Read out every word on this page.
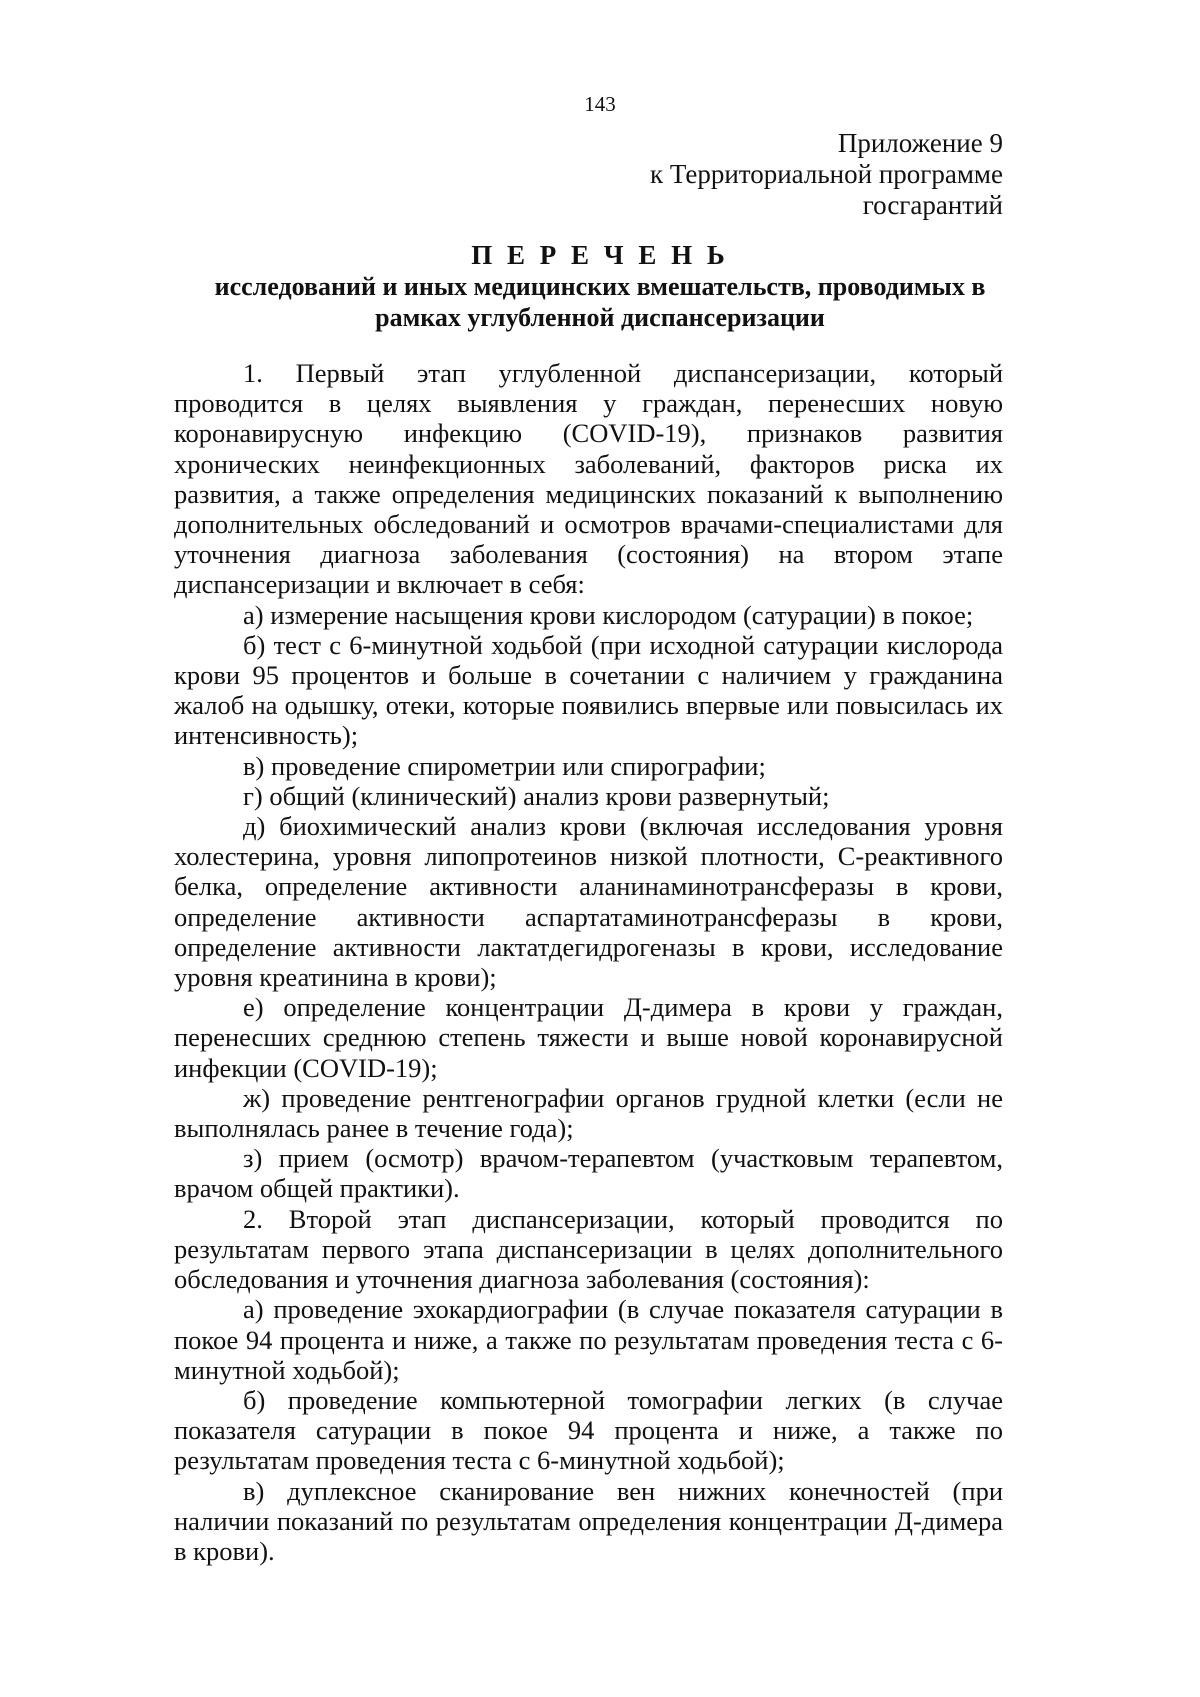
143
Приложение 9
к Территориальной программе
госгарантий
П Е Р Е Ч Е Н Ь
исследований и иных медицинских вмешательств, проводимых в рамках углубленной диспансеризации

1. Первый этап углубленной диспансеризации, который проводится в целях выявления у граждан, перенесших новую коронавирусную инфекцию (COVID-19), признаков развития хронических неинфекционных заболеваний, факторов риска их развития, а также определения медицинских показаний к выполнению дополнительных обследований и осмотров врачами-специалистами для уточнения диагноза заболевания (состояния) на втором этапе диспансеризации и включает в себя:

а) измерение насыщения крови кислородом (сатурации) в покое;

б) тест с 6-минутной ходьбой (при исходной сатурации кислорода крови 95 процентов и больше в сочетании с наличием у гражданина жалоб на одышку, отеки, которые появились впервые или повысилась их интенсивность);

в) проведение спирометрии или спирографии;

г) общий (клинический) анализ крови развернутый;

д) биохимический анализ крови (включая исследования уровня холестерина, уровня липопротеинов низкой плотности, С-реактивного белка, определение активности аланинаминотрансферазы в крови, определение активности аспартатаминотрансферазы в крови, определение активности лактатдегидрогеназы в крови, исследование уровня креатинина в крови);

е) определение концентрации Д-димера в крови у граждан, перенесших среднюю степень тяжести и выше новой коронавирусной инфекции (COVID-19);

ж) проведение рентгенографии органов грудной клетки (если не выполнялась ранее в течение года);

з) прием (осмотр) врачом-терапевтом (участковым терапевтом, врачом общей практики).

2. Второй этап диспансеризации, который проводится по результатам первого этапа диспансеризации в целях дополнительного обследования и уточнения диагноза заболевания (состояния):

а) проведение эхокардиографии (в случае показателя сатурации в покое 94 процента и ниже, а также по результатам проведения теста с 6-минутной ходьбой);

б) проведение компьютерной томографии легких (в случае показателя сатурации в покое 94 процента и ниже, а также по результатам проведения теста с 6-минутной ходьбой);

в) дуплексное сканирование вен нижних конечностей (при наличии показаний по результатам определения концентрации Д-димера в крови).
